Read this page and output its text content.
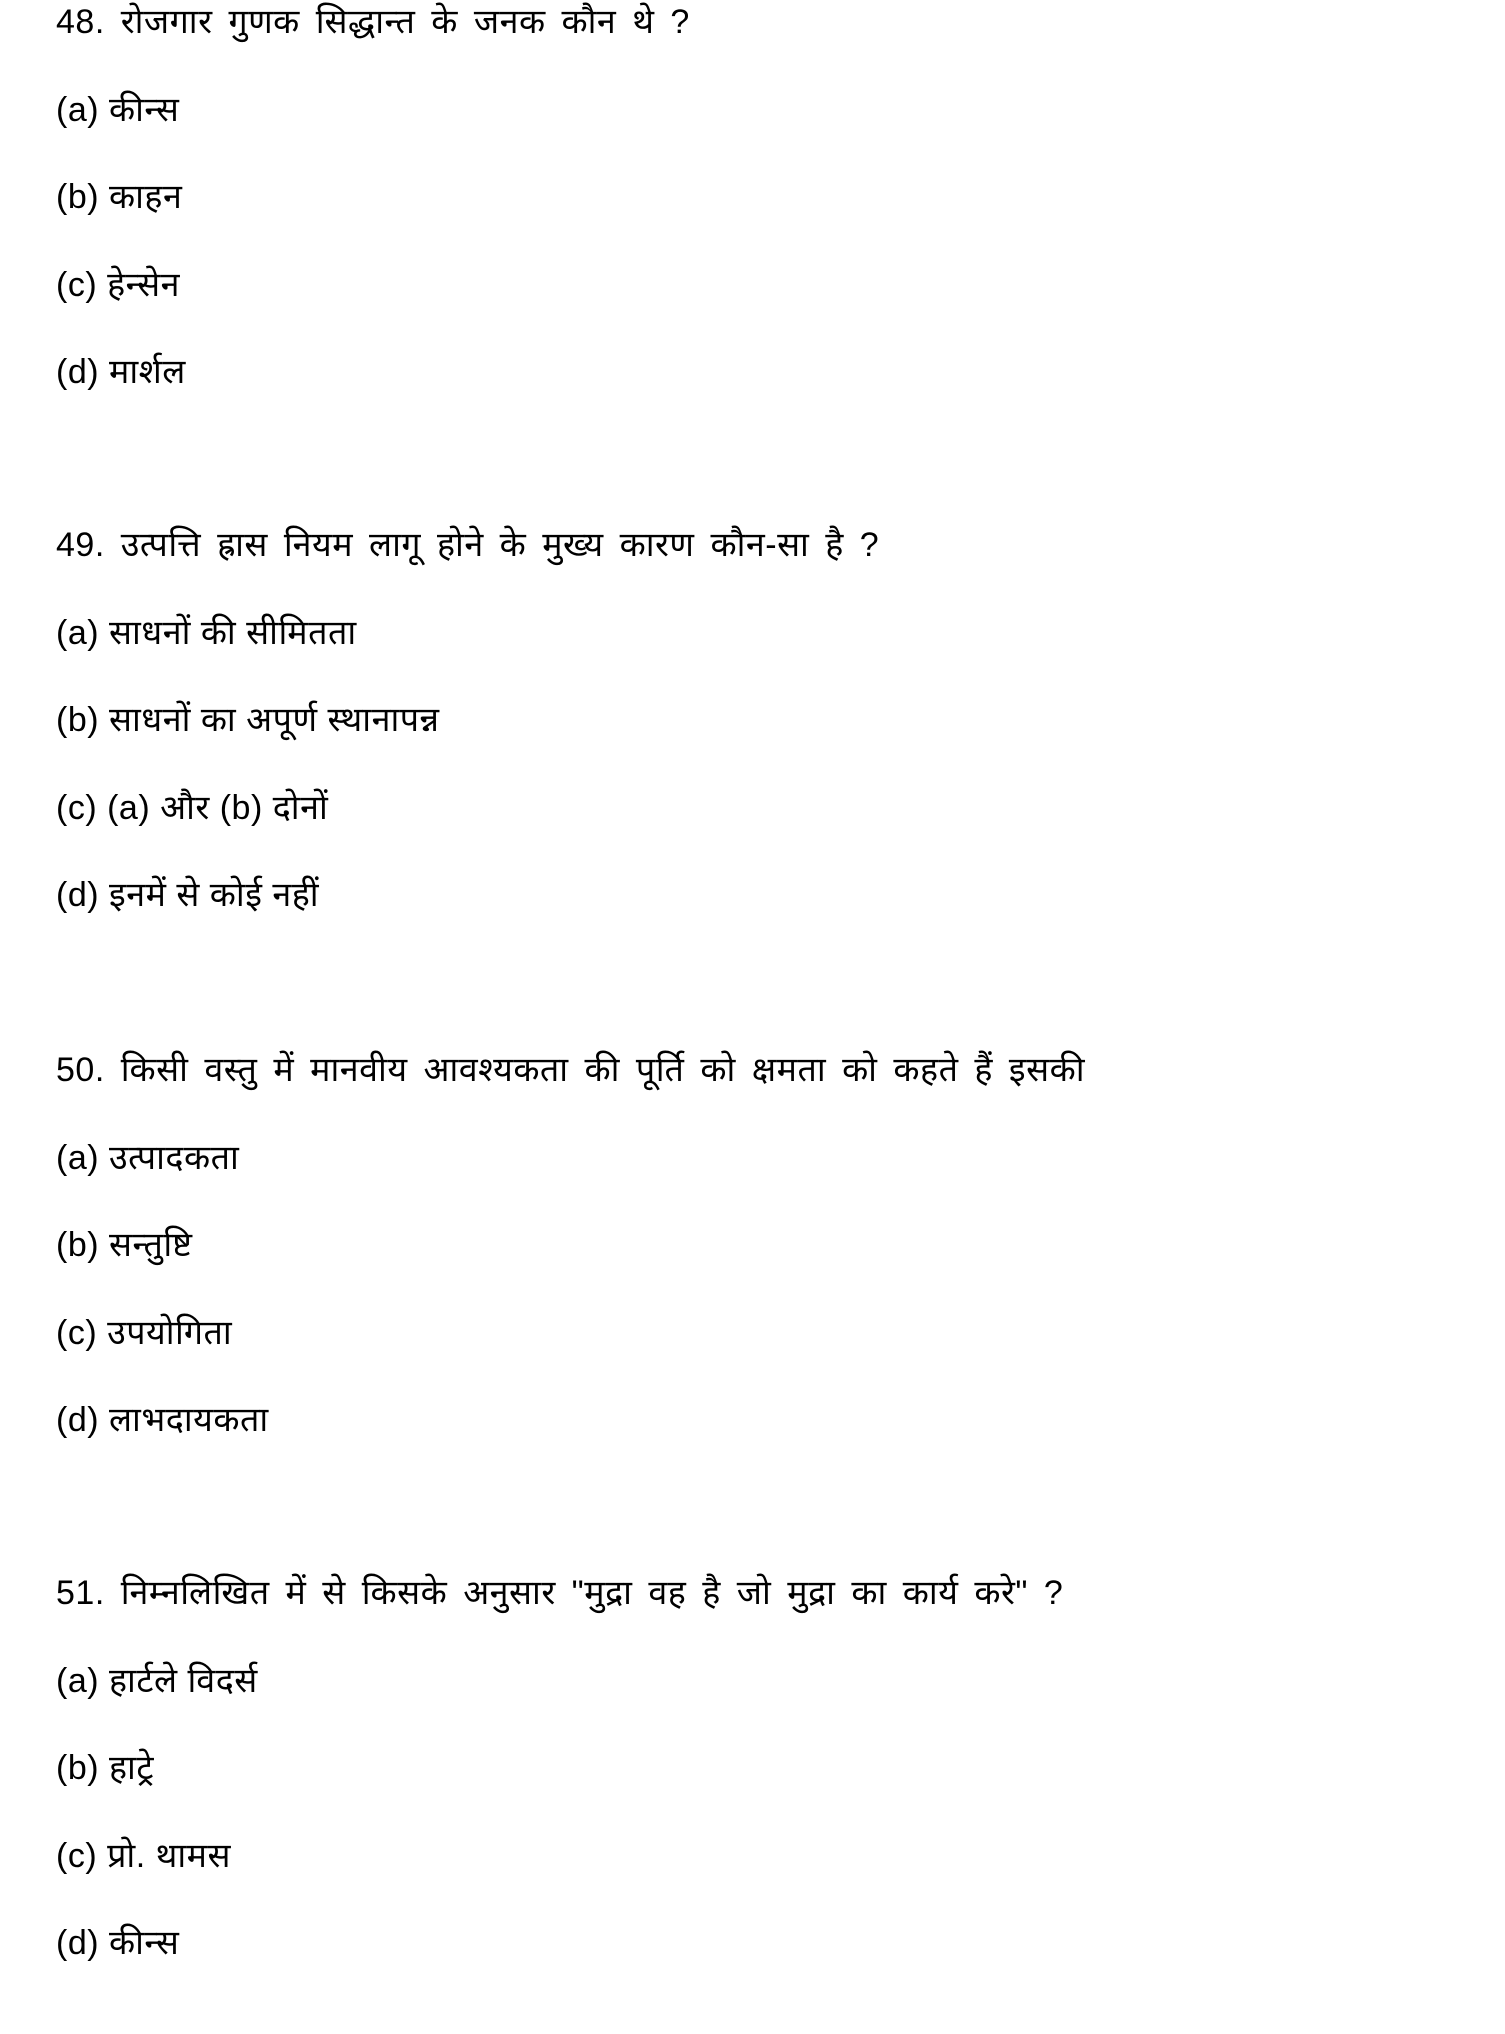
48. रोजगार गुणक सिद्धान्त के जनक कौन थे ?
(a) कीन्स
(b) काहन
(c) हेन्सेन
(d) मार्शल
49. उत्पत्ति ह्रास नियम लागू होने के मुख्य कारण कौन-सा है ?
(a) साधनों की सीमितता
(b) साधनों का अपूर्ण स्थानापन्न
(c) (a) और (b) दोनों
(d) इनमें से कोई नहीं
50. किसी वस्तु में मानवीय आवश्यकता की पूर्ति को क्षमता को कहते हैं इसकी
(a) उत्पादकता
(b) सन्तुष्टि
(c) उपयोगिता
(d) लाभदायकता
51. निम्नलिखित में से किसके अनुसार "मुद्रा वह है जो मुद्रा का कार्य करे" ?
(a) हार्टले विदर्स
(b) हाट्रे
(c) प्रो. थामस
(d) कीन्स
